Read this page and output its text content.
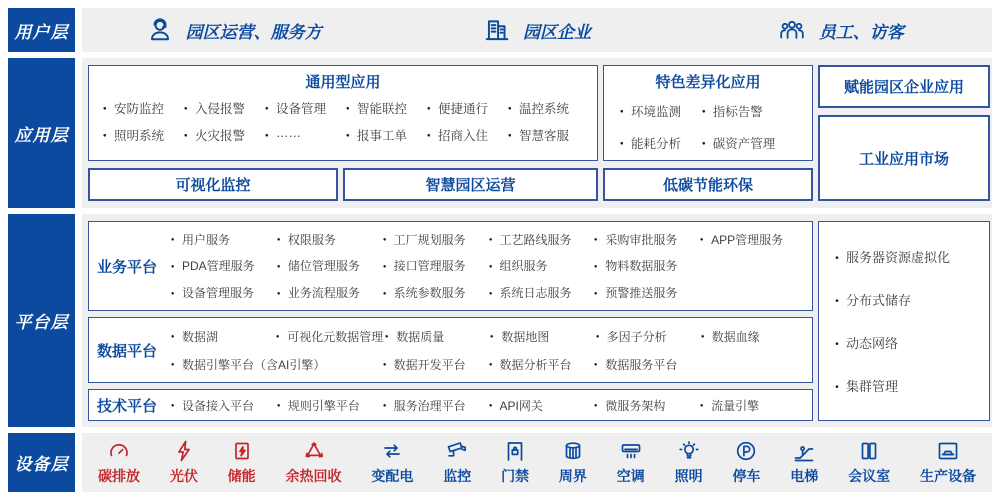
用户层	园区运营、服务方	园区企业	员工、访客
应用层
通用型应用
● 安防监控	● 入侵报警	● 设备管理	● 智能联控	● 便捷通行	● 温控系统
● 照明系统	● 火灾报警	● ……	● 报事工单	● 招商入住	● 智慧客服
特色差异化应用
● 环境监测	● 指标告警
● 能耗分析	● 碳资产管理
赋能园区企业应用
工业应用市场
可视化监控	智慧园区运营	低碳节能环保
平台层
业务平台
● 用户服务	● 权限服务	● 工厂规划服务	● 工艺路线服务	● 采购审批服务	● APP管理服务
● PDA管理服务	● 储位管理服务	● 接口管理服务	● 组织服务	● 物料数据服务
● 设备管理服务	● 业务流程服务	● 系统参数服务	● 系统日志服务	● 预警推送服务
数据平台
● 数据湖	● 可视化元数据管理	● 数据质量	● 数据地图	● 多因子分析	● 数据血缘
● 数据引擎平台（含AI引擎）	● 数据开发平台	● 数据分析平台	● 数据服务平台
技术平台	● 设备接入平台	● 规则引擎平台	● 服务治理平台	● API网关	● 微服务架构	● 流量引擎
● 服务器资源虚拟化
● 分布式储存
● 动态网络
● 集群管理
设备层
碳排放 光伏 储能 余热回收 变配电 监控 门禁 周界 空调 照明 停车 电梯 会议室 生产设备
